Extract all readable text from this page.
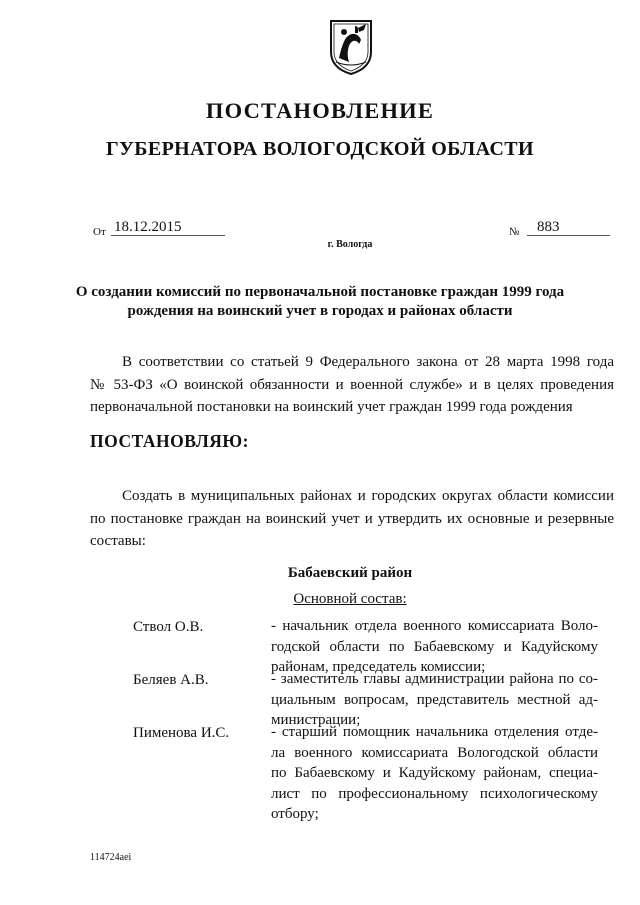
ПОСТАНОВЛЕНИЕ
ГУБЕРНАТОРА ВОЛОГОДСКОЙ ОБЛАСТИ
От 18.12.2015	№	883
г. Вологда
О создании комиссий по первоначальной постановке граждан 1999 года
рождения на воинский учет в городах и районах области
В соответствии со статьей 9 Федерального закона от 28 марта 1998 года
№ 53-ФЗ «О воинской обязанности и военной службе» и в целях проведения
первоначальной постановки на воинский учет граждан 1999 года рождения
ПОСТАНОВЛЯЮ:
Создать в муниципальных районах и городских округах области комиссии
по постановке граждан на воинский учет и утвердить их основные и резервные
составы:
Бабаевский район
Основной состав:
Ствол О.В.	- начальник отдела военного комиссариата Воло-
годской области по Бабаевскому и Кадуйскому
районам, председатель комиссии;
Беляев А.В.	- заместитель главы администрации района по со-
циальным вопросам, представитель местной ад-
министрации;
Пименова И.С.	- старший помощник начальника отделения отде-
ла военного комиссариата Вологодской области
по Бабаевскому и Кадуйскому районам, специа-
лист по профессиональному психологическому
отбору;
114724aei
